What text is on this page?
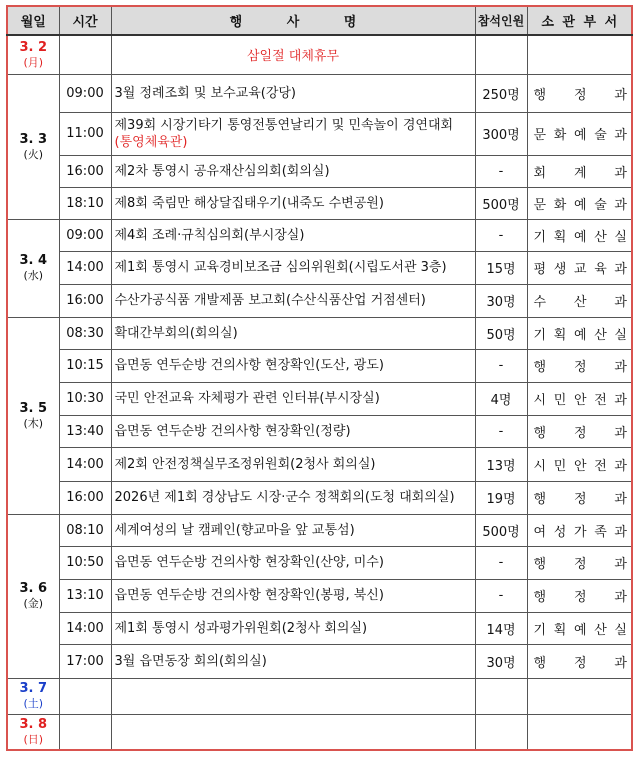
월일	시간	행 사 명	참석인원	소 관 부 서

3. 2
(月)		삼일절 대체휴무		

3. 3
(火)	09:00	3월 정례조회 및 보수교육(강당)	250명	행 정 과

	11:00	제39회 시장기타기 통영전통연날리기 및 민속놀이 경연대회 (통영체육관)	300명	문 화 예 술 과

	16:00	제2차 통영시 공유재산심의회(회의실)	-	회 계 과

	18:10	제8회 죽림만 해상달집태우기(내죽도 수변공원)	500명	문 화 예 술 과

3. 4
(水)	09:00	제4회 조례·규칙심의회(부시장실)	-	기 획 예 산 실

	14:00	제1회 통영시 교육경비보조금 심의위원회(시립도서관 3층)	15명	평 생 교 육 과

	16:00	수산가공식품 개발제품 보고회(수산식품산업 거점센터)	30명	수 산 과

3. 5
(木)	08:30	확대간부회의(회의실)	50명	기 획 예 산 실

	10:15	읍면동 연두순방 건의사항 현장확인(도산, 광도)	-	행 정 과

	10:30	국민 안전교육 자체평가 관련 인터뷰(부시장실)	4명	시 민 안 전 과

	13:40	읍면동 연두순방 건의사항 현장확인(정량)	-	행 정 과

	14:00	제2회 안전정책실무조정위원회(2청사 회의실)	13명	시 민 안 전 과

	16:00	2026년 제1회 경상남도 시장·군수 정책회의(도청 대회의실)	19명	행 정 과

3. 6
(金)	08:10	세계여성의 날 캠페인(향교마을 앞 교통섬)	500명	여 성 가 족 과

	10:50	읍면동 연두순방 건의사항 현장확인(산양, 미수)	-	행 정 과

	13:10	읍면동 연두순방 건의사항 현장확인(봉평, 북신)	-	행 정 과

	14:00	제1회 통영시 성과평가위원회(2청사 회의실)	14명	기 획 예 산 실

	17:00	3월 읍면동장 회의(회의실)	30명	행 정 과

3. 7
(土)				

3. 8
(日)				
